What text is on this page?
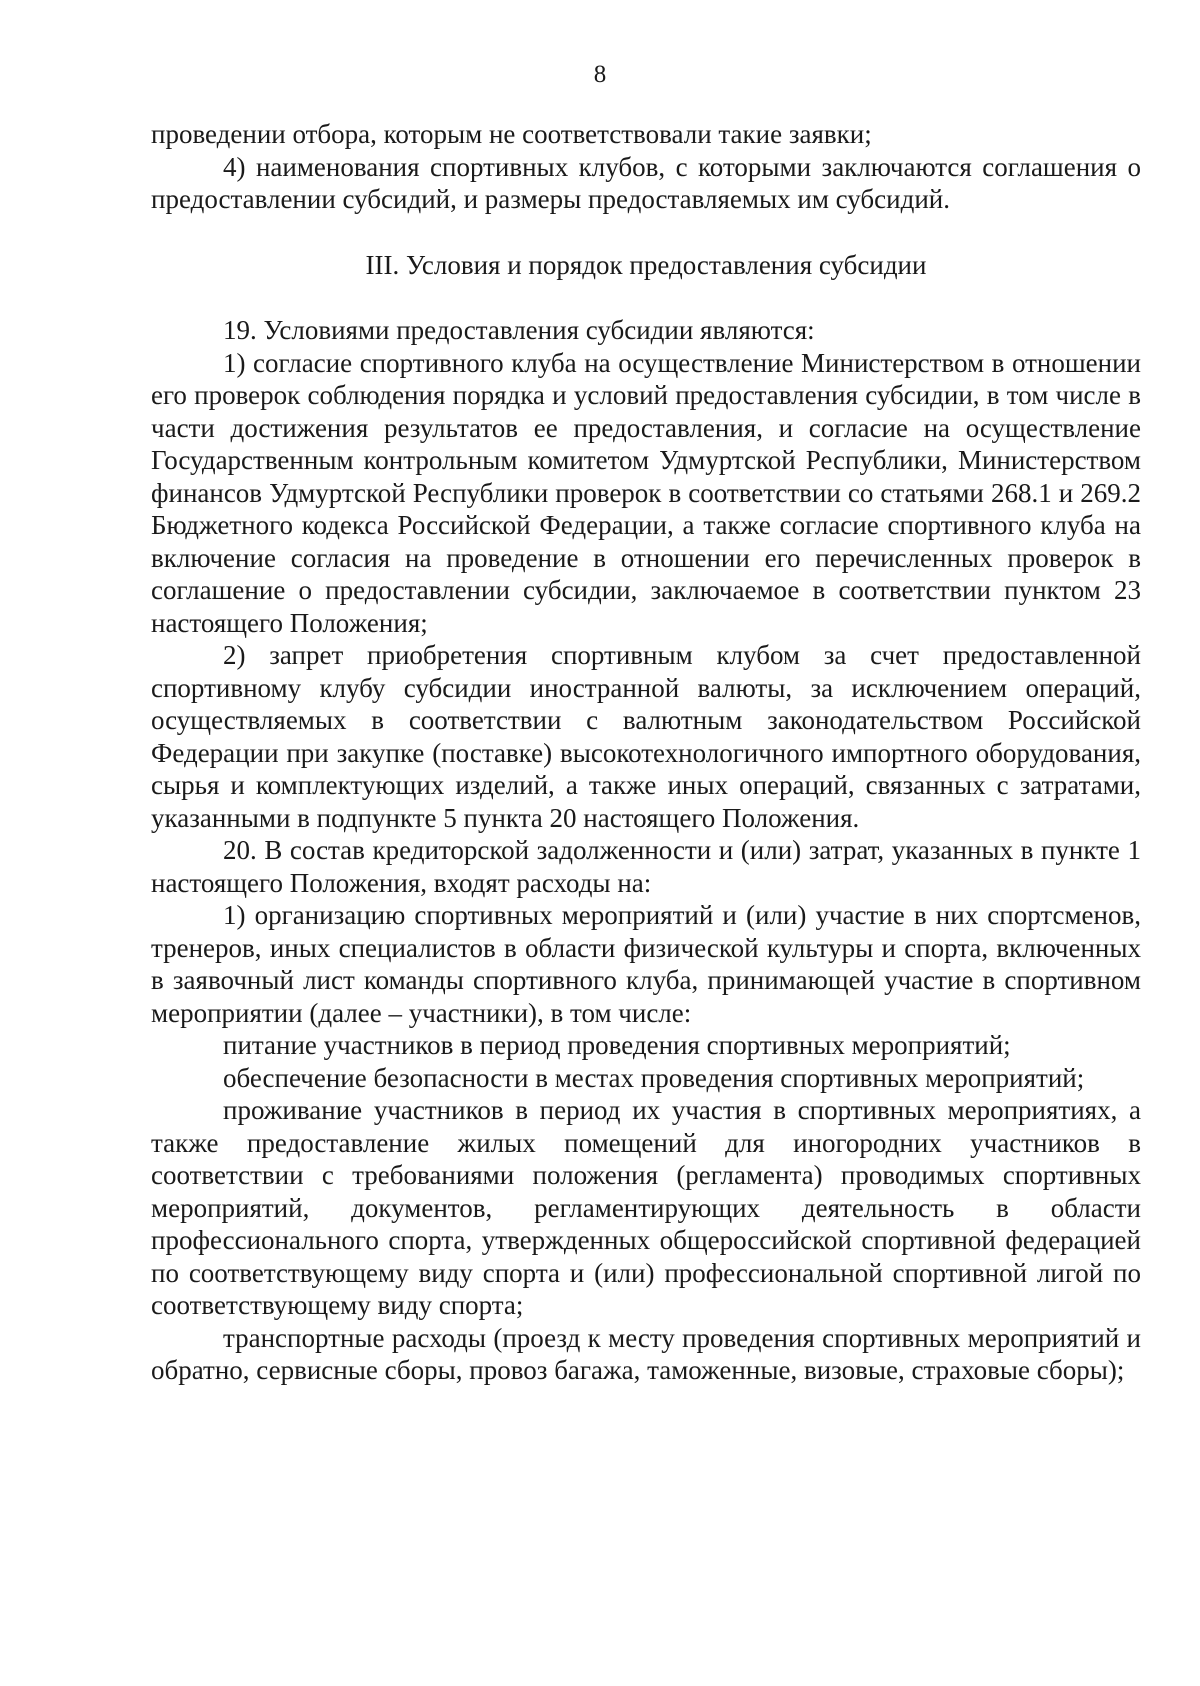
8

проведении отбора, которым не соответствовали такие заявки;

4) наименования спортивных клубов, с которыми заключаются соглашения о предоставлении субсидий, и размеры предоставляемых им субсидий.

III. Условия и порядок предоставления субсидии

19. Условиями предоставления субсидии являются:

1) согласие спортивного клуба на осуществление Министерством в отношении его проверок соблюдения порядка и условий предоставления субсидии, в том числе в части достижения результатов ее предоставления, и согласие на осуществление Государственным контрольным комитетом Удмуртской Республики, Министерством финансов Удмуртской Республики проверок в соответствии со статьями 268.1 и 269.2 Бюджетного кодекса Российской Федерации, а также согласие спортивного клуба на включение согласия на проведение в отношении его перечисленных проверок в соглашение о предоставлении субсидии, заключаемое в соответствии пунктом 23 настоящего Положения;

2) запрет приобретения спортивным клубом за счет предоставленной спортивному клубу субсидии иностранной валюты, за исключением операций, осуществляемых в соответствии с валютным законодательством Российской Федерации при закупке (поставке) высокотехнологичного импортного оборудования, сырья и комплектующих изделий, а также иных операций, связанных с затратами, указанными в подпункте 5 пункта 20 настоящего Положения.

20. В состав кредиторской задолженности и (или) затрат, указанных в пункте 1 настоящего Положения, входят расходы на:

1) организацию спортивных мероприятий и (или) участие в них спортсменов, тренеров, иных специалистов в области физической культуры и спорта, включенных в заявочный лист команды спортивного клуба, принимающей участие в спортивном мероприятии (далее – участники), в том числе:

питание участников в период проведения спортивных мероприятий;

обеспечение безопасности в местах проведения спортивных мероприятий;

проживание участников в период их участия в спортивных мероприятиях, а также предоставление жилых помещений для иногородних участников в соответствии с требованиями положения (регламента) проводимых спортивных мероприятий, документов, регламентирующих деятельность в области профессионального спорта, утвержденных общероссийской спортивной федерацией по соответствующему виду спорта и (или) профессиональной спортивной лигой по соответствующему виду спорта;

транспортные расходы (проезд к месту проведения спортивных мероприятий и обратно, сервисные сборы, провоз багажа, таможенные, визовые, страховые сборы);
